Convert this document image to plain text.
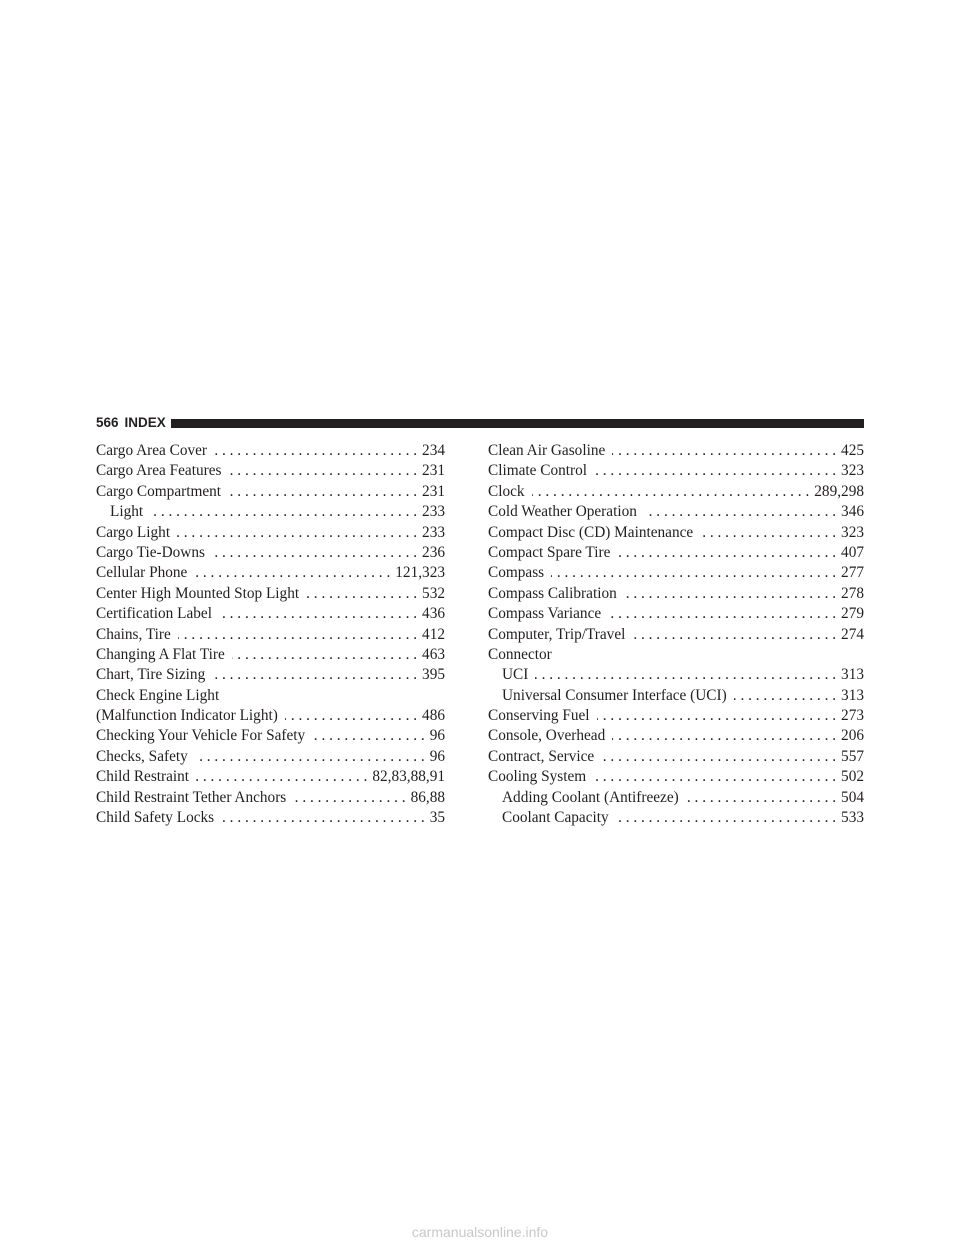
566 INDEX
Cargo Area Cover . . .	234
Cargo Area Features . . .	231
Cargo Compartment . . .	231
Light . . .	233
Cargo Light . . .	233
Cargo Tie-Downs . . .	236
Cellular Phone . . .	121,323
Center High Mounted Stop Light . . .	532
Certification Label . . .	436
Chains, Tire . . .	412
Changing A Flat Tire . . .	463
Chart, Tire Sizing . . .	395
Check Engine Light
(Malfunction Indicator Light) . . .	486
Checking Your Vehicle For Safety . . .	96
Checks, Safety . . .	96
Child Restraint . . .	82,83,88,91
Child Restraint Tether Anchors . . .	86,88
Child Safety Locks . . .	35
Clean Air Gasoline . . .	425
Climate Control . . .	323
Clock . . .	289,298
Cold Weather Operation . . .	346
Compact Disc (CD) Maintenance . . .	323
Compact Spare Tire . . .	407
Compass . . .	277
Compass Calibration . . .	278
Compass Variance . . .	279
Computer, Trip/Travel . . .	274
Connector
UCI . . .	313
Universal Consumer Interface (UCI) . . .	313
Conserving Fuel . . .	273
Console, Overhead . . .	206
Contract, Service . . .	557
Cooling System . . .	502
Adding Coolant (Antifreeze) . . .	504
Coolant Capacity . . .	533
carmanualsonline.info
